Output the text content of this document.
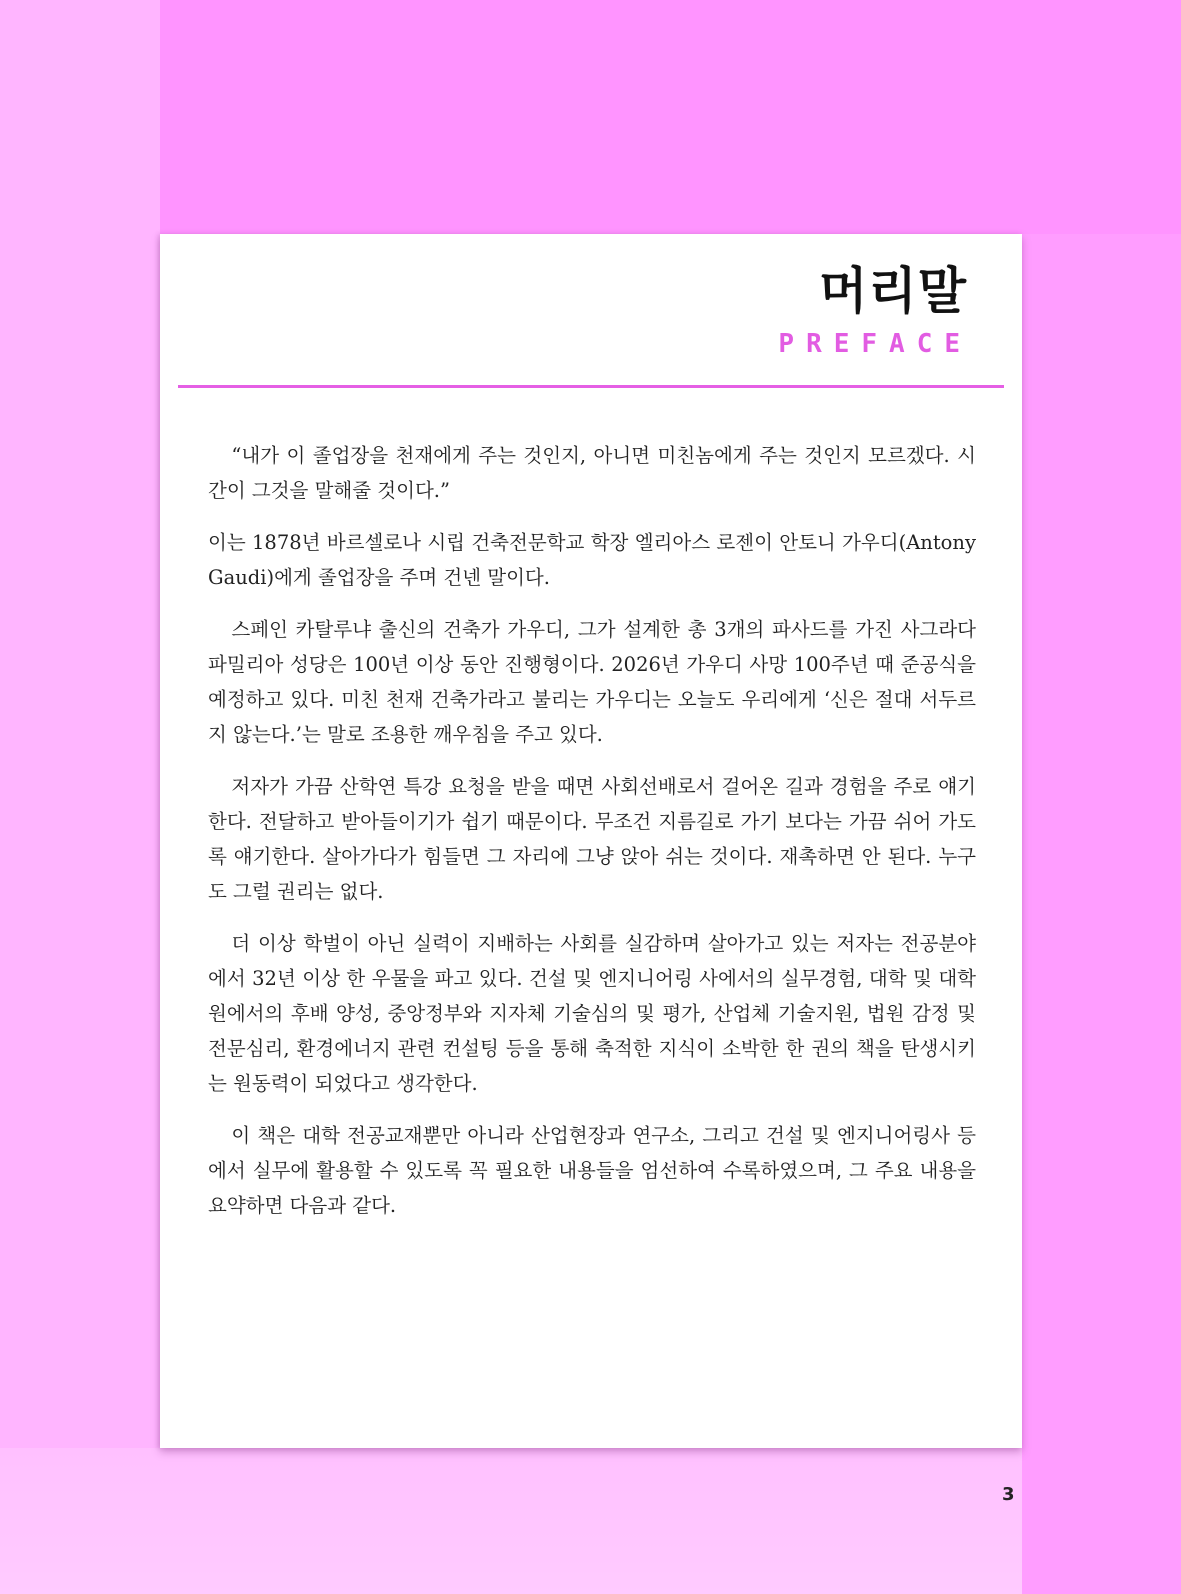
머리말
PREFACE

“내가 이 졸업장을 천재에게 주는 것인지, 아니면 미친놈에게 주는 것인지 모르겠다. 시간이 그것을 말해줄 것이다.”

이는 1878년 바르셀로나 시립 건축전문학교 학장 엘리아스 로젠이 안토니 가우디(Antony Gaudi)에게 졸업장을 주며 건넨 말이다.

스페인 카탈루냐 출신의 건축가 가우디, 그가 설계한 총 3개의 파사드를 가진 사그라다 파밀리아 성당은 100년 이상 동안 진행형이다. 2026년 가우디 사망 100주년 때 준공식을 예정하고 있다. 미친 천재 건축가라고 불리는 가우디는 오늘도 우리에게 ‘신은 절대 서두르지 않는다.’는 말로 조용한 깨우침을 주고 있다.

저자가 가끔 산학연 특강 요청을 받을 때면 사회선배로서 걸어온 길과 경험을 주로 얘기한다. 전달하고 받아들이기가 쉽기 때문이다. 무조건 지름길로 가기 보다는 가끔 쉬어 가도록 얘기한다. 살아가다가 힘들면 그 자리에 그냥 앉아 쉬는 것이다. 재촉하면 안 된다. 누구도 그럴 권리는 없다.

더 이상 학벌이 아닌 실력이 지배하는 사회를 실감하며 살아가고 있는 저자는 전공분야에서 32년 이상 한 우물을 파고 있다. 건설 및 엔지니어링 사에서의 실무경험, 대학 및 대학원에서의 후배 양성, 중앙정부와 지자체 기술심의 및 평가, 산업체 기술지원, 법원 감정 및 전문심리, 환경에너지 관련 컨설팅 등을 통해 축적한 지식이 소박한 한 권의 책을 탄생시키는 원동력이 되었다고 생각한다.

이 책은 대학 전공교재뿐만 아니라 산업현장과 연구소, 그리고 건설 및 엔지니어링사 등에서 실무에 활용할 수 있도록 꼭 필요한 내용들을 엄선하여 수록하였으며, 그 주요 내용을 요약하면 다음과 같다.

3
